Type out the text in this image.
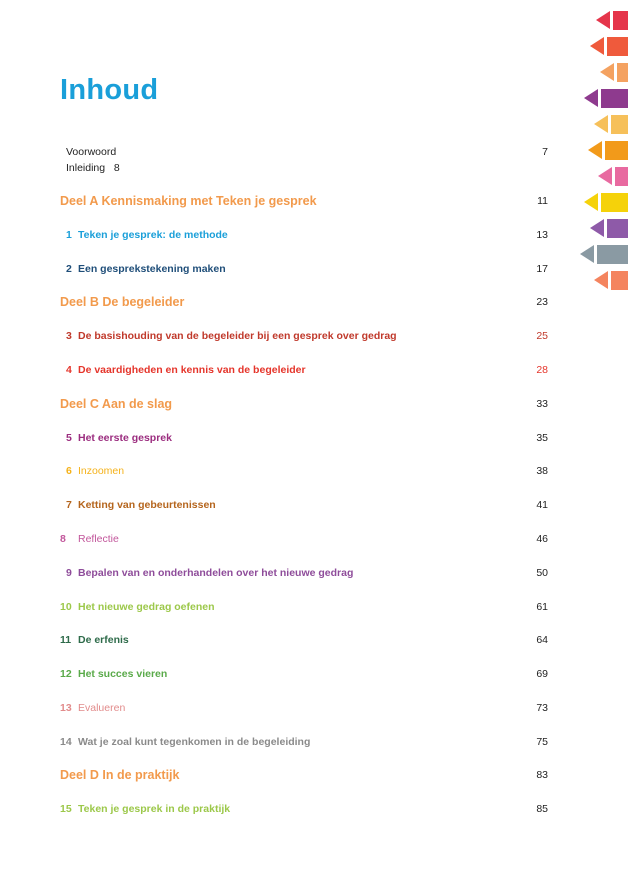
Inhoud
Voorwoord	7
Inleiding   8
Deel A Kennismaking met Teken je gesprek	11
1 Teken je gesprek: de methode	13
2 Een gesprekstekening maken	17
Deel B De begeleider	23
3 De basishouding van de begeleider bij een gesprek over gedrag	25
4 De vaardigheden en kennis van de begeleider	28
Deel C Aan de slag	33
5 Het eerste gesprek	35
6 Inzoomen	38
7 Ketting van gebeurtenissen	41
8	Reflectie	46
9 Bepalen van en onderhandelen over het nieuwe gedrag	50
10 Het nieuwe gedrag oefenen	61
11 De erfenis	64
12 Het succes vieren	69
13 Evalueren	73
14 Wat je zoal kunt tegenkomen in de begeleiding	75
Deel D In de praktijk	83
15 Teken je gesprek in de praktijk	85
